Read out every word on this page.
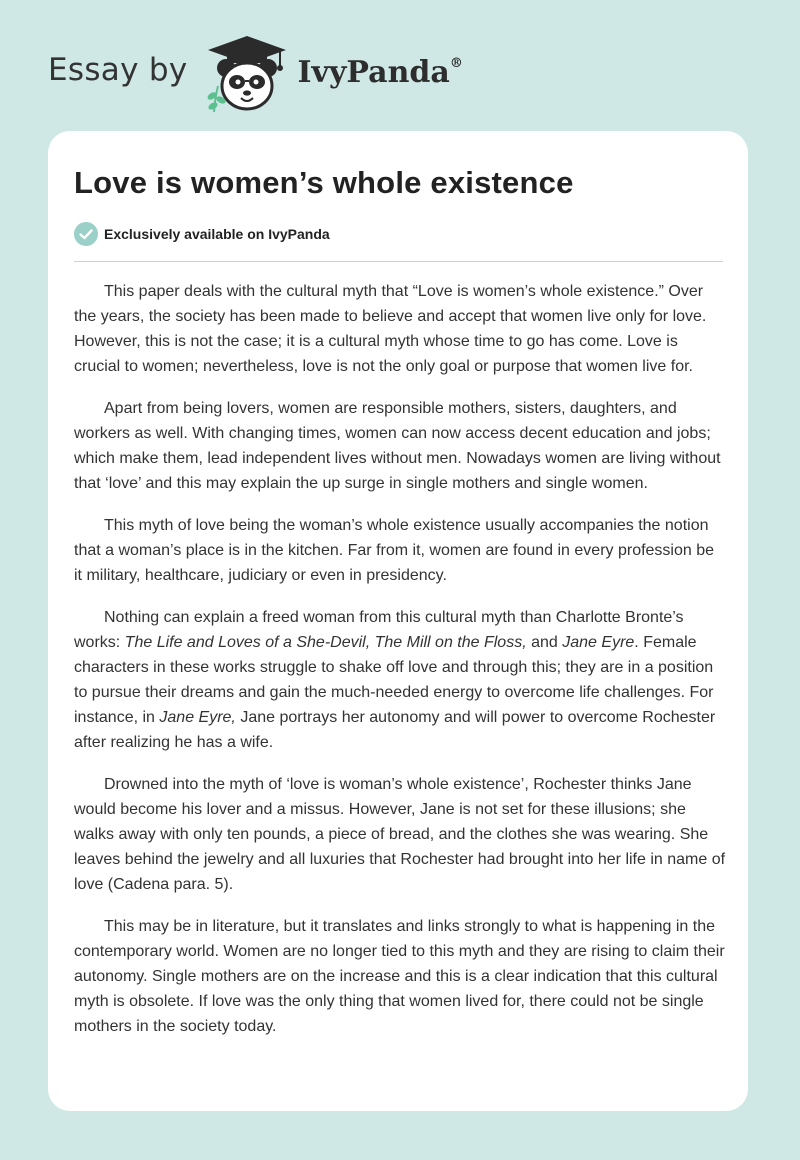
Essay by	IvyPanda®
Love is women’s whole existence
Exclusively available on IvyPanda

This paper deals with the cultural myth that “Love is women’s whole existence.” Over the years, the society has been made to believe and accept that women live only for love. However, this is not the case; it is a cultural myth whose time to go has come. Love is crucial to women; nevertheless, love is not the only goal or purpose that women live for.

Apart from being lovers, women are responsible mothers, sisters, daughters, and workers as well. With changing times, women can now access decent education and jobs; which make them, lead independent lives without men. Nowadays women are living without that ‘love’ and this may explain the up surge in single mothers and single women.

This myth of love being the woman’s whole existence usually accompanies the notion that a woman’s place is in the kitchen. Far from it, women are found in every profession be it military, healthcare, judiciary or even in presidency.

Nothing can explain a freed woman from this cultural myth than Charlotte Bronte’s works: The Life and Loves of a She-Devil, The Mill on the Floss, and Jane Eyre. Female characters in these works struggle to shake off love and through this; they are in a position to pursue their dreams and gain the much-needed energy to overcome life challenges. For instance, in Jane Eyre, Jane portrays her autonomy and will power to overcome Rochester after realizing he has a wife.

Drowned into the myth of ‘love is woman’s whole existence’, Rochester thinks Jane would become his lover and a missus. However, Jane is not set for these illusions; she walks away with only ten pounds, a piece of bread, and the clothes she was wearing. She leaves behind the jewelry and all luxuries that Rochester had brought into her life in name of love (Cadena para. 5).

This may be in literature, but it translates and links strongly to what is happening in the contemporary world. Women are no longer tied to this myth and they are rising to claim their autonomy. Single mothers are on the increase and this is a clear indication that this cultural myth is obsolete. If love was the only thing that women lived for, there could not be single mothers in the society today.
